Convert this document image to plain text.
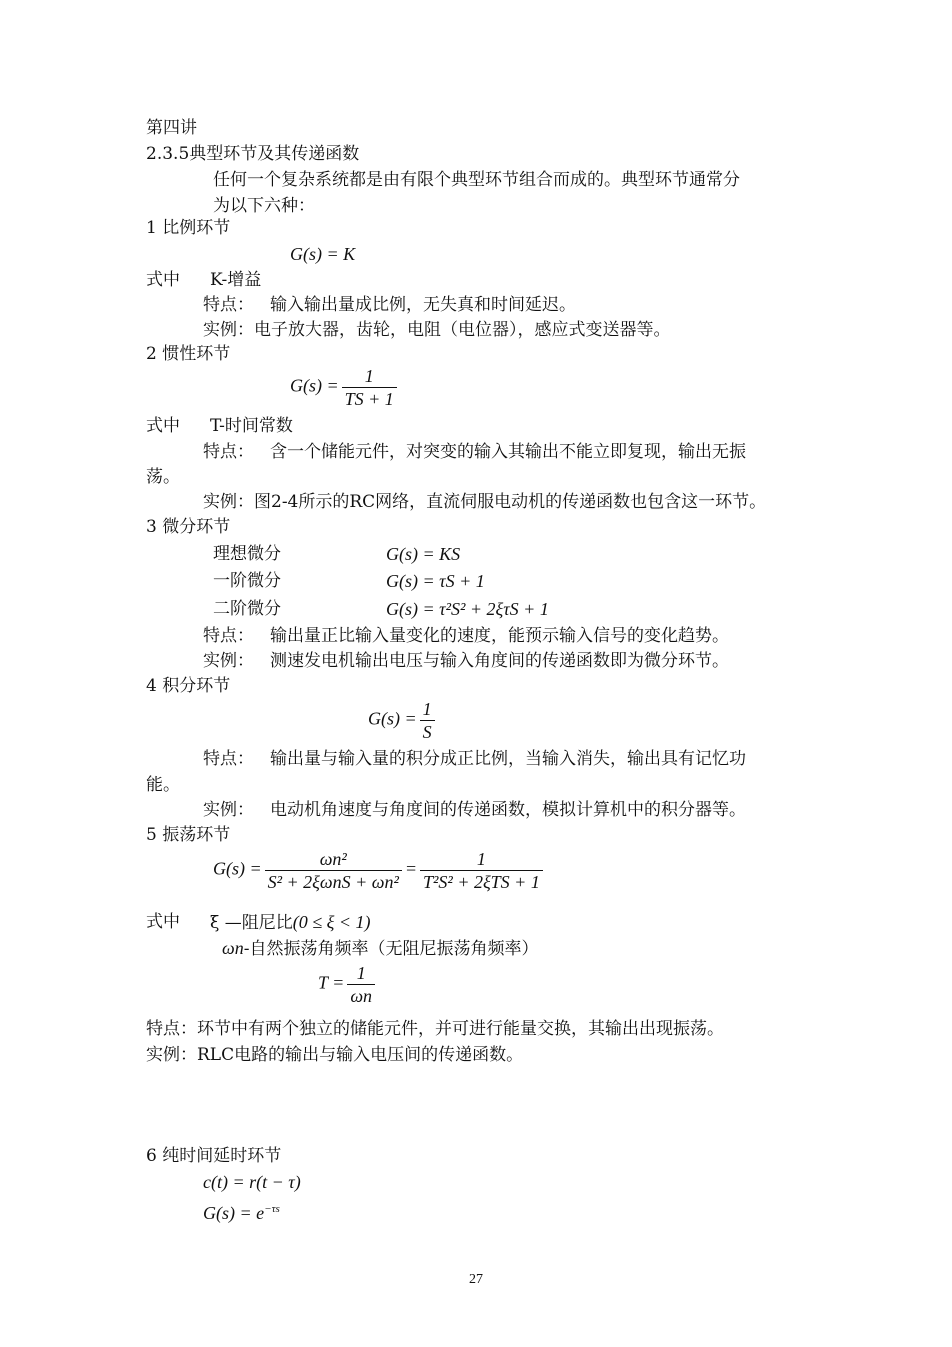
第四讲
2.3.5典型环节及其传递函数
任何一个复杂系统都是由有限个典型环节组合而成的。典型环节通常分
为以下六种：
1 比例环节
G(s) = K
式中 K-增益
特点： 输入输出量成比例，无失真和时间延迟。
实例：电子放大器，齿轮，电阻（电位器），感应式变送器等。
2 惯性环节
$G(s) = \frac{1}{TS + 1}$
式中 T-时间常数
特点： 含一个储能元件，对突变的输入其输出不能立即复现，输出无振
荡。
实例：图2-4所示的RC网络，直流伺服电动机的传递函数也包含这一环节。
3 微分环节
理想微分	G(s) = KS
一阶微分	G(s) = τS + 1
二阶微分	G(s) = τ²S² + 2ξτS + 1
特点： 输出量正比输入量变化的速度，能预示输入信号的变化趋势。
实例： 测速发电机输出电压与输入角度间的传递函数即为微分环节。
4 积分环节
$G(s) = \frac{1}{S}$
特点： 输出量与输入量的积分成正比例，当输入消失，输出具有记忆功
能。
实例： 电动机角速度与角度间的传递函数，模拟计算机中的积分器等。
5 振荡环节
$G(s) = \frac{\text{ωn²}}{\text{S² + 2ξωnS + ωn²}} = \frac{1}{\text{T²S² + 2ξTS + 1}}$
式中 ξ —阻尼比(0 ≤ ξ < 1)
ωn-自然振荡角频率（无阻尼振荡角频率）
$T = \frac{1}{\omega n}$
特点：环节中有两个独立的储能元件，并可进行能量交换，其输出出现振荡。
实例：RLC电路的输出与输入电压间的传递函数。
6 纯时间延时环节
c(t) = r(t − τ)
$G(s) = e^{-\tau s}$
27
